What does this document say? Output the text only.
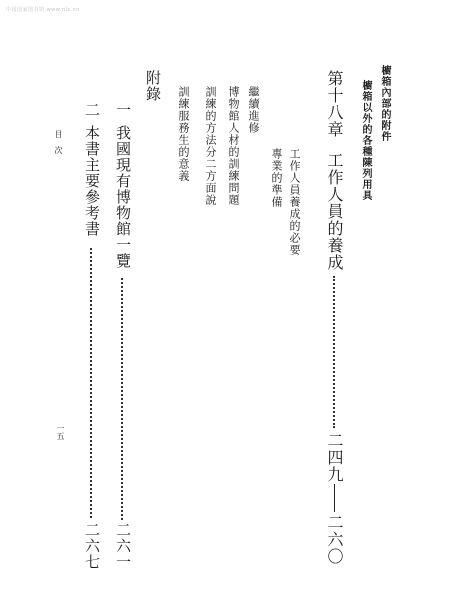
中国国家图书馆 www.nlc.cn
櫥箱內部的附件
櫥箱以外的各種陳列用具
第十八章
工作人員的養成
二四九
二六〇
工作人員養成的必要
專業的準備
繼續進修
博物館人材的訓練問題
訓練的方法分二方面說
訓練服務生的意義
附錄
一
我國現有博物館一覽
二六一
二
本書主要參考書
二六七
目　次
一五
